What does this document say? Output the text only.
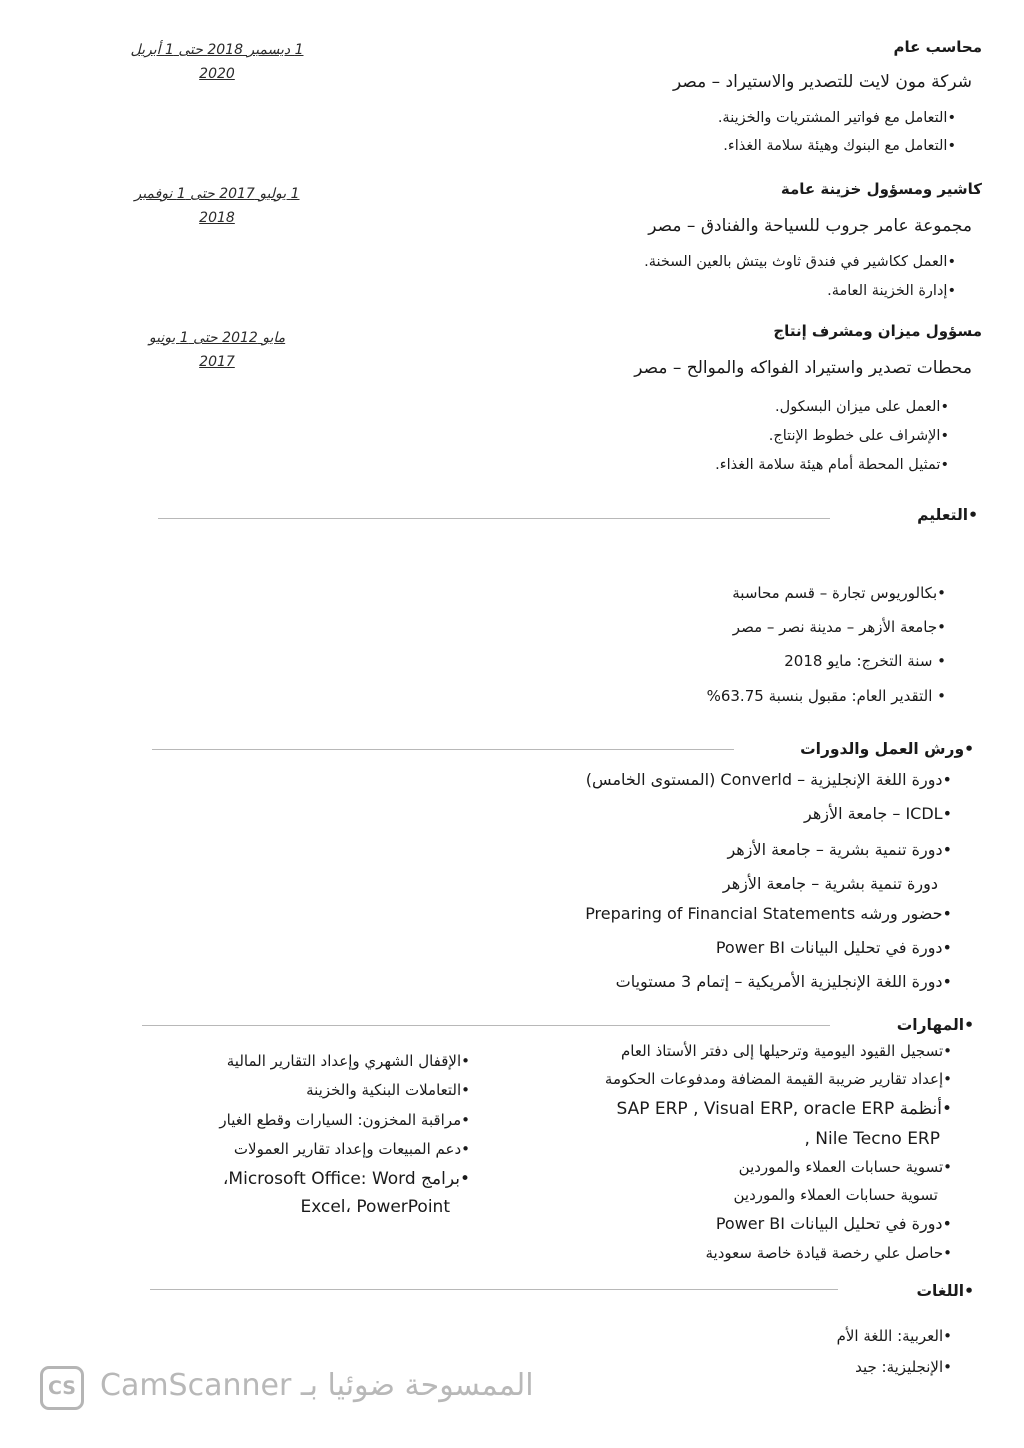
محاسب عام
شركة مون لايت للتصدير والاستيراد – مصر
•التعامل مع فواتير المشتريات والخزينة.
•التعامل مع البنوك وهيئة سلامة الغذاء.
1 ديسمبر 2018 حتى 1 أبريل
2020
كاشير ومسؤول خزينة عامة
مجموعة عامر جروب للسياحة والفنادق – مصر
•العمل ككاشير في فندق ثاوث بيتش بالعين السخنة.
•إدارة الخزينة العامة.
1 يوليو 2017 حتى 1 نوفمبر
2018
مسؤول ميزان ومشرف إنتاج
محطات تصدير واستيراد الفواكه والموالح – مصر
•العمل على ميزان البسكول.
•الإشراف على خطوط الإنتاج.
•تمثيل المحطة أمام هيئة سلامة الغذاء.
مايو 2012 حتى 1 يونيو
2017
•التعليم
•بكالوريوس تجارة – قسم محاسبة
•جامعة الأزهر – مدينة نصر – مصر
• سنة التخرج: مايو 2018
• التقدير العام: مقبول بنسبة 63.75%
•ورش العمل والدورات
•دورة اللغة الإنجليزية – Converld (المستوى الخامس)
•ICDL – جامعة الأزهر
•دورة تنمية بشرية – جامعة الأزهر
دورة تنمية بشرية – جامعة الأزهر
•حضور ورشه Preparing of Financial Statements
•دورة في تحليل البيانات Power BI
•دورة اللغة الإنجليزية الأمريكية – إتمام 3 مستويات
•المهارات
•تسجيل القيود اليومية وترحيلها إلى دفتر الأستاذ العام
•إعداد تقارير ضريبة القيمة المضافة ومدفوعات الحكومة
•أنظمة SAP ERP , Visual ERP, oracle ERP
Nile Tecno ERP ,
•تسوية حسابات العملاء والموردين
تسوية حسابات العملاء والموردين
•دورة في تحليل البيانات Power BI
•حاصل علي رخصة قيادة خاصة سعودية
•الإقفال الشهري وإعداد التقارير المالية
•التعاملات البنكية والخزينة
•مراقبة المخزون: السيارات وقطع الغيار
•دعم المبيعات وإعداد تقارير العمولات
•برامج Microsoft Office: Word،
Excel، PowerPoint
•اللغات
•العربية: اللغة الأم
•الإنجليزية: جيد
CS الممسوحة ضوئيا بـ CamScanner
